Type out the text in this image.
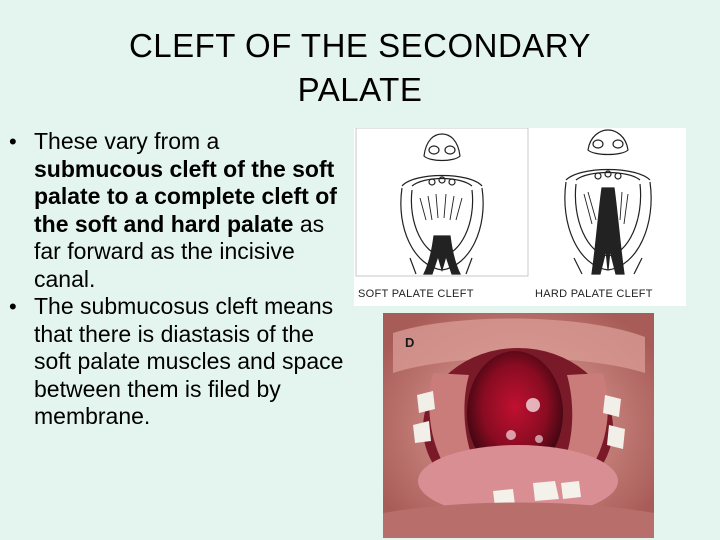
CLEFT OF THE SECONDARY
PALATE
• These vary from a submucous cleft of the soft palate to a complete cleft of the soft and hard palate as far forward as the incisive canal.
• The submucosus cleft means that there is diastasis of the soft palate muscles and space between them is filed by membrane.
SOFT PALATE CLEFT	HARD PALATE CLEFT
D
